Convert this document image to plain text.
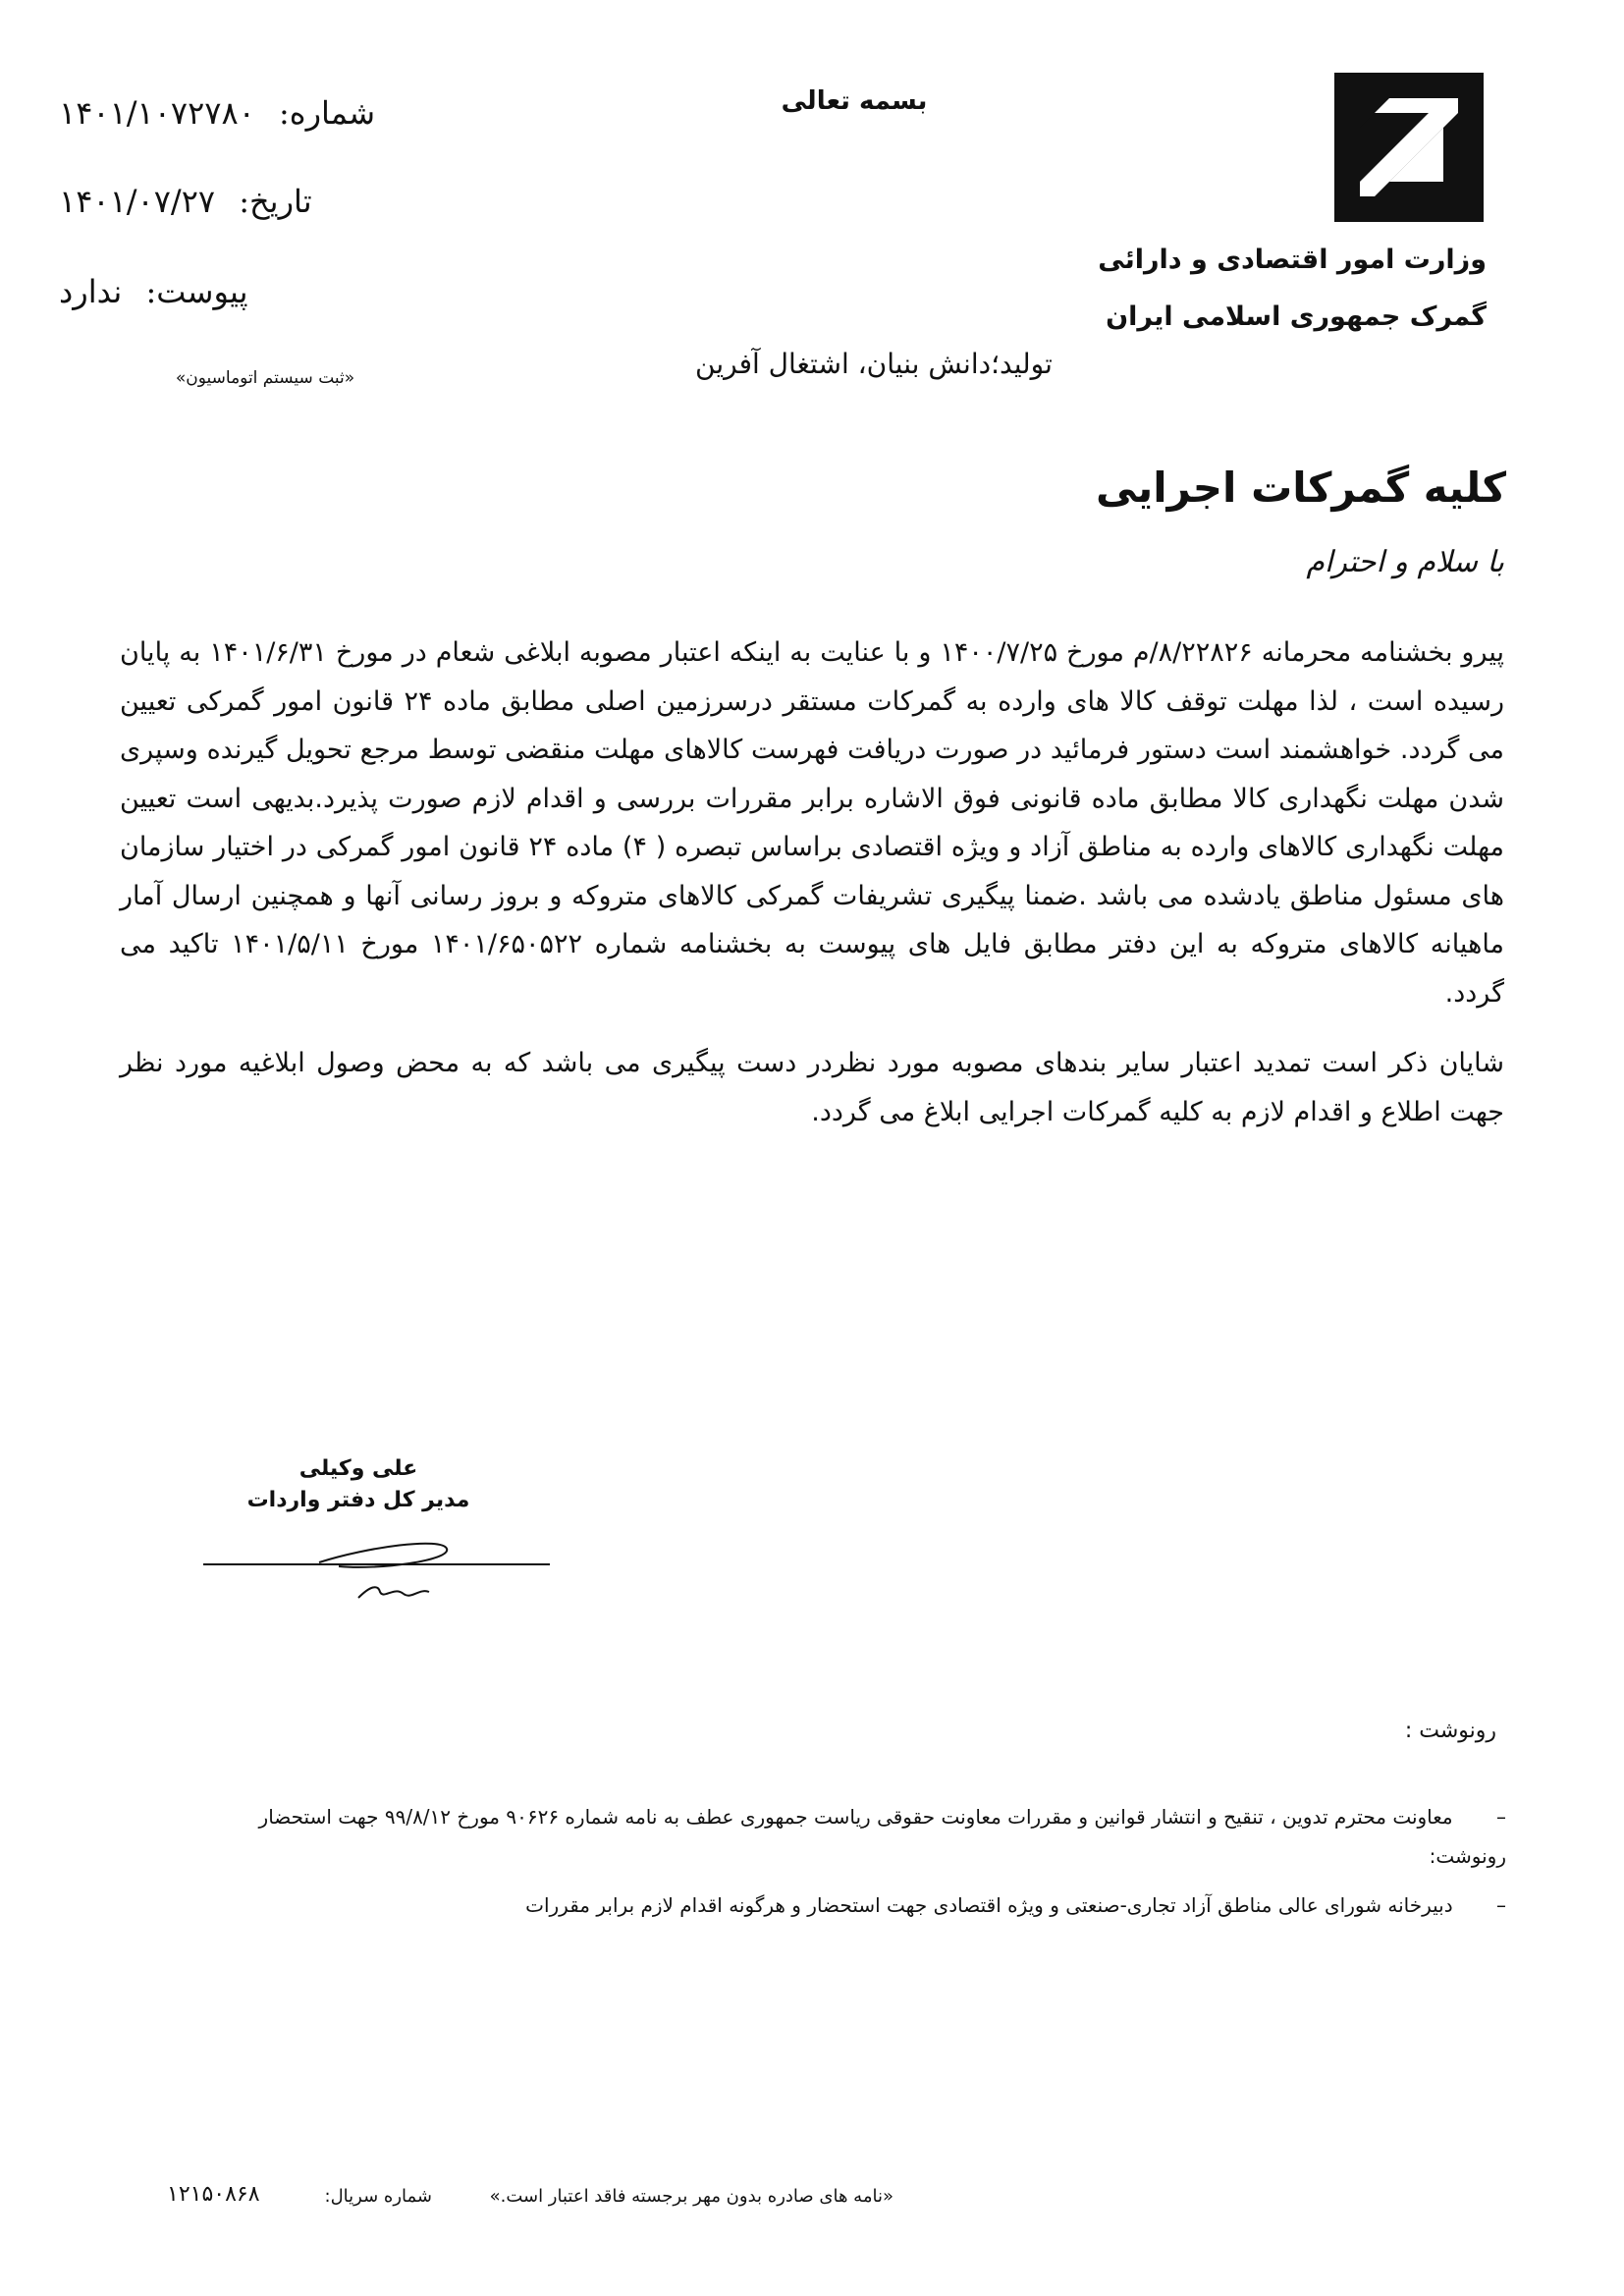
وزارت امور اقتصادی و دارائی
گمرک جمهوری اسلامی ایران
بسمه تعالی
شماره: ۱۴۰۱/۱۰۷۲۷۸۰
تاریخ: ۱۴۰۱/۰۷/۲۷
پیوست: ندارد
«ثبت سیستم اتوماسیون»	تولید؛دانش بنیان، اشتغال آفرین
کلیه گمرکات اجرایی
با سلام و احترام

پیرو بخشنامه محرمانه ۸/۲۲۸۲۶/م مورخ ۱۴۰۰/۷/۲۵ و با عنایت به اینکه اعتبار مصوبه ابلاغی شعام در مورخ ۱۴۰۱/۶/۳۱ به پایان رسیده است ، لذا مهلت توقف کالا های وارده به گمرکات مستقر درسرزمین اصلی مطابق ماده ۲۴ قانون امور گمرکی تعیین می گردد. خواهشمند است دستور فرمائید در صورت دریافت فهرست کالاهای مهلت منقضی توسط مرجع تحویل گیرنده وسپری شدن مهلت نگهداری کالا مطابق ماده قانونی فوق الاشاره برابر مقررات بررسی و اقدام لازم صورت پذیرد.بدیهی است تعیین مهلت نگهداری کالاهای وارده به مناطق آزاد و ویژه اقتصادی براساس تبصره ( ۴) ماده ۲۴ قانون امور گمرکی در اختیار سازمان های مسئول مناطق یادشده می باشد .ضمنا پیگیری تشریفات گمرکی کالاهای متروکه و بروز رسانی آنها و همچنین ارسال آمار ماهیانه کالاهای متروکه به این دفتر مطابق فایل های پیوست به بخشنامه شماره ۱۴۰۱/۶۵۰۵۲۲ مورخ ۱۴۰۱/۵/۱۱ تاکید می گردد.

شایان ذکر است تمدید اعتبار سایر بندهای مصوبه مورد نظردر دست پیگیری می باشد که به محض وصول ابلاغیه مورد نظر جهت اطلاع و اقدام لازم به کلیه گمرکات اجرایی ابلاغ می گردد.

علی وکیلی
مدیر کل دفتر واردات
رونوشت :
– معاونت محترم تدوین ، تنقیح و انتشار قوانین و مقررات معاونت حقوقی ریاست جمهوری عطف به نامه شماره ۹۰۶۲۶ مورخ ۹۹/۸/۱۲ جهت استحضار
رونوشت:
– دبیرخانه شورای عالی مناطق آزاد تجاری-صنعتی و ویژه اقتصادی جهت استحضار و هرگونه اقدام لازم برابر مقررات
«نامه های صادره بدون مهر برجسته فاقد اعتبار است.»
شماره سریال:
۱۲۱۵۰۸۶۸
